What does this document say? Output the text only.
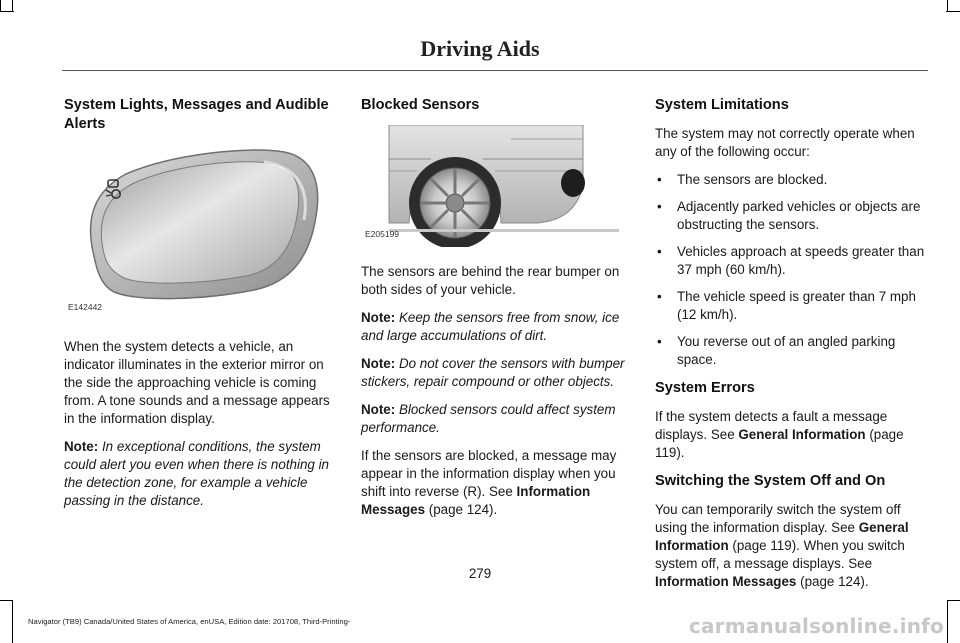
Driving Aids
System Lights, Messages and Audible Alerts
E142442

When the system detects a vehicle, an indicator illuminates in the exterior mirror on the side the approaching vehicle is coming from. A tone sounds and a message appears in the information display.

Note: In exceptional conditions, the system could alert you even when there is nothing in the detection zone, for example a vehicle passing in the distance.

Blocked Sensors
E205199

The sensors are behind the rear bumper on both sides of your vehicle.

Note: Keep the sensors free from snow, ice and large accumulations of dirt.

Note: Do not cover the sensors with bumper stickers, repair compound or other objects.

Note: Blocked sensors could affect system performance.

If the sensors are blocked, a message may appear in the information display when you shift into reverse (R). See Information Messages (page 124).

System Limitations

The system may not correctly operate when any of the following occur:

• The sensors are blocked.
• Adjacently parked vehicles or objects are obstructing the sensors.
• Vehicles approach at speeds greater than 37 mph (60 km/h).
• The vehicle speed is greater than 7 mph (12 km/h).
• You reverse out of an angled parking space.
System Errors

If the system detects a fault a message displays. See General Information (page 119).

Switching the System Off and On

You can temporarily switch the system off using the information display. See General Information (page 119). When you switch system off, a message displays. See Information Messages (page 124).

279
Navigator (TB9) Canada/United States of America, enUSA, Edition date: 201708, Third-Printing-	carmanualsonline.info
